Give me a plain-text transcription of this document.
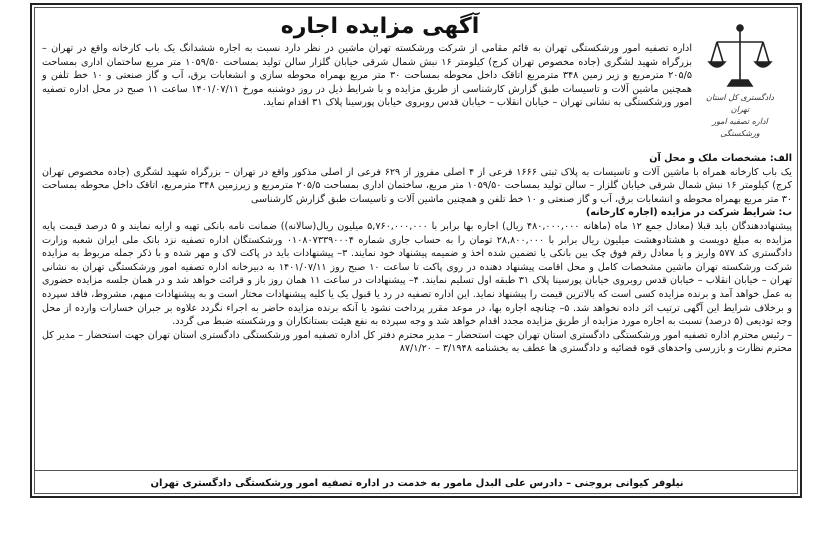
آگهی مزایده اجاره
دادگستری کل استان تهران
اداره تصفیه امور ورشکستگی

اداره تصفیه امور ورشکستگی تهران به قائم مقامی از شرکت ورشکسته تهران ماشین در نظر دارد نسبت به اجاره ششدانگ یک باب کارخانه واقع در تهران – بزرگراه شهید لشگری (جاده مخصوص تهران کرج) کیلومتر ۱۶ نبش شمال شرقی خیابان گلزار سالن تولید بمساحت ۱۰۵۹/۵۰ متر مربع ساختمان اداری بمساحت ۲۰۵/۵ مترمربع و زیر زمین ۳۴۸ مترمربع اتاقک داخل محوطه بمساحت ۳۰ متر مربع بهمراه محوطه سازی و انشعابات برق، آب و گاز صنعتی و ۱۰ خط تلفن و همچنین ماشین آلات و تاسیسات طبق گزارش کارشناسی از طریق مزایده و با شرایط ذیل در روز دوشنبه مورخ ۱۴۰۱/۰۷/۱۱ ساعت ۱۱ صبح در محل اداره تصفیه امور ورشکستگی به نشانی تهران – خیابان انقلاب – خیابان قدس روبروی خیابان پورسینا پلاک ۳۱ اقدام نماید.

الف: مشخصات ملک و محل آن

یک باب کارخانه همراه با ماشین آلات و تاسیسات به پلاک ثبتی ۱۶۶۶ فرعی از ۴ اصلی مفروز از ۶۲۹ فرعی از اصلی مذکور واقع در تهران – بزرگراه شهید لشگری (جاده مخصوص تهران کرج) کیلومتر ۱۶ نبش شمال شرقی خیابان گلزار – سالن تولید بمساحت ۱۰۵۹/۵۰ متر مربع، ساختمان اداری بمساحت ۲۰۵/۵ مترمربع و زیرزمین ۳۴۸ مترمربع، اتاقک داخل محوطه بمساحت ۳۰ متر مربع بهمراه محوطه و انشعابات برق، آب و گاز صنعتی و ۱۰ خط تلفن و همچنین ماشین آلات و تاسیسات طبق گزارش کارشناسی

ب: شرایط شرکت در مزایده (اجاره کارخانه)

پیشنهاددهندگان باید قبلا (معادل جمع ۱۲ ماه (ماهانه ۴۸۰,۰۰۰,۰۰۰ ریال) اجاره بها برابر با ۵,۷۶۰,۰۰۰,۰۰۰ میلیون ریال(سالانه)) ضمانت نامه بانکی تهیه و ارایه نمایند و ۵ درصد قیمت پایه مزایده به مبلغ دویست و هشتادوهشت میلیون ریال برابر با ۲۸,۸۰۰,۰۰۰ تومان را به حساب جاری شماره ۰۱۰۸۰۷۳۳۹۰۰۰۴ ورشکستگان اداره تصفیه نزد بانک ملی ایران شعبه وزارت دادگستری کد ۵۷۷ واریز و یا معادل رقم فوق چک بین بانکی یا تضمین شده اخذ و ضمیمه پیشنهاد خود نمایند. ۳– پیشنهادات باید در پاکت لاک و مهر شده و با ذکر جمله مربوط به مزایده شرکت ورشکسته تهران ماشین مشخصات کامل و محل اقامت پیشنهاد دهنده در روی پاکت تا ساعت ۱۰ صبح روز ۱۴۰۱/۰۷/۱۱ به دبیرخانه اداره تصفیه امور ورشکستگی تهران به نشانی تهران – خیابان انقلاب – خیابان قدس روبروی خیابان پورسینا پلاک ۳۱ طبقه اول تسلیم نمایند. ۴– پیشنهادات در ساعت ۱۱ همان روز باز و قرائت خواهد شد و در همان جلسه مزایده حضوری به عمل خواهد آمد و برنده مزایده کسی است که بالاترین قیمت را پیشنهاد نماید. این اداره تصفیه در رد یا قبول یک یا کلیه پیشنهادات مختار است و به پیشنهادات مبهم، مشروط، فاقد سپرده و برخلاف شرایط این آگهی ترتیب اثر داده نخواهد شد. ۵– چنانچه اجاره بها، در موعد مقرر پرداخت نشود یا آنکه برنده مزایده حاضر به اجراء نگردد علاوه بر جبران خسارات وارده از محل وجه تودیعی (۵ درصد) نسبت به اجاره مورد مزایده از طریق مزایده مجدد اقدام خواهد شد و وجه سپرده به نفع هیئت بستانکاران و ورشکسته ضبط می گردد.

– رئیس محترم اداره تصفیه امور ورشکستگی دادگستری استان تهران جهت استحضار – مدیر محترم دفتر کل اداره تصفیه امور ورشکستگی دادگستری استان تهران جهت استحضار – مدیر کل محترم نظارت و بازرسی واحدهای قوه قضائیه و دادگستری ها عطف به بخشنامه ۳/۱۹۴۸ – ۸۷/۱/۲۰

نیلوفر کیوانی بروجنی – دادرس علی البدل مامور به خدمت در اداره تصفیه امور ورشکستگی دادگستری تهران
